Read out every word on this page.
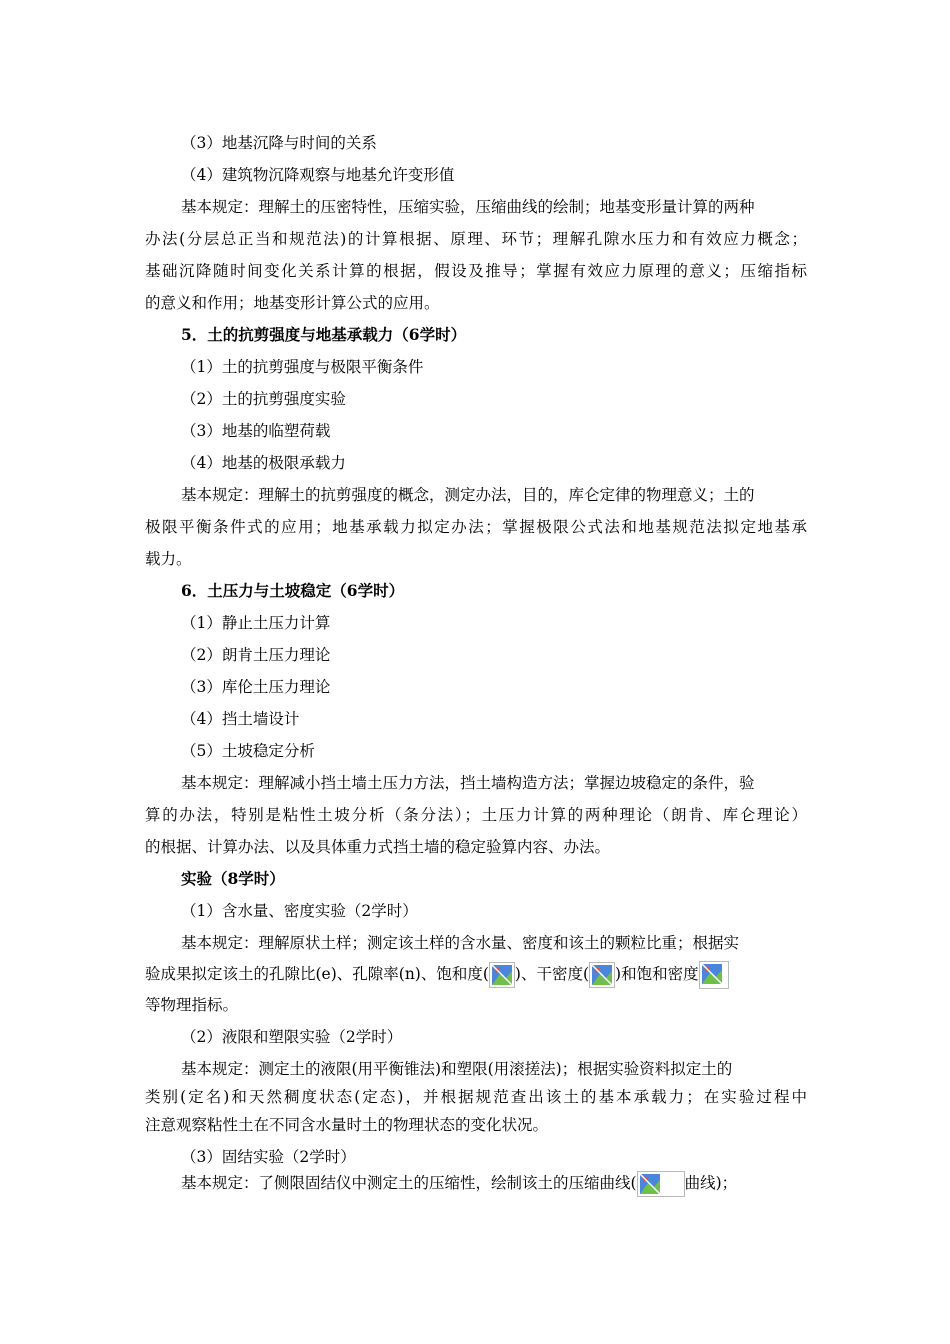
（3）地基沉降与时间的关系
（4）建筑物沉降观察与地基允许变形值
基本规定：理解土的压密特性，压缩实验，压缩曲线的绘制；地基变形量计算的两种
办法(分层总正当和规范法)的计算根据、原理、环节；理解孔隙水压力和有效应力概念；
基础沉降随时间变化关系计算的根据，假设及推导；掌握有效应力原理的意义；压缩指标
的意义和作用；地基变形计算公式的应用。
5．土的抗剪强度与地基承载力（6学时）
（1）土的抗剪强度与极限平衡条件
（2）土的抗剪强度实验
（3）地基的临塑荷载
（4）地基的极限承载力
基本规定：理解土的抗剪强度的概念，测定办法，目的，库仑定律的物理意义；土的
极限平衡条件式的应用；地基承载力拟定办法；掌握极限公式法和地基规范法拟定地基承
载力。
6．土压力与土坡稳定（6学时）
（1）静止土压力计算
（2）朗肯土压力理论
（3）库伦土压力理论
（4）挡土墙设计
（5）土坡稳定分析
基本规定：理解减小挡土墙土压力方法，挡土墙构造方法；掌握边坡稳定的条件，验
算的办法，特别是粘性土坡分析（条分法）；土压力计算的两种理论（朗肯、库仑理论）
的根据、计算办法、以及具体重力式挡土墙的稳定验算内容、办法。
实验（8学时）
（1）含水量、密度实验（2学时）
基本规定：理解原状土样；测定该土样的含水量、密度和该土的颗粒比重；根据实
验成果拟定该土的孔隙比(e)、孔隙率(n)、饱和度( )、干密度( )和饱和密度
等物理指标。
（2）液限和塑限实验（2学时）
基本规定：测定土的液限(用平衡锥法)和塑限(用滚搓法)；根据实验资料拟定土的
类别(定名)和天然稠度状态(定态)，并根据规范查出该土的基本承载力；在实验过程中
注意观察粘性土在不同含水量时土的物理状态的变化状况。
（3）固结实验（2学时）
基本规定：了侧限固结仪中测定土的压缩性，绘制该土的压缩曲线(	曲线)；
